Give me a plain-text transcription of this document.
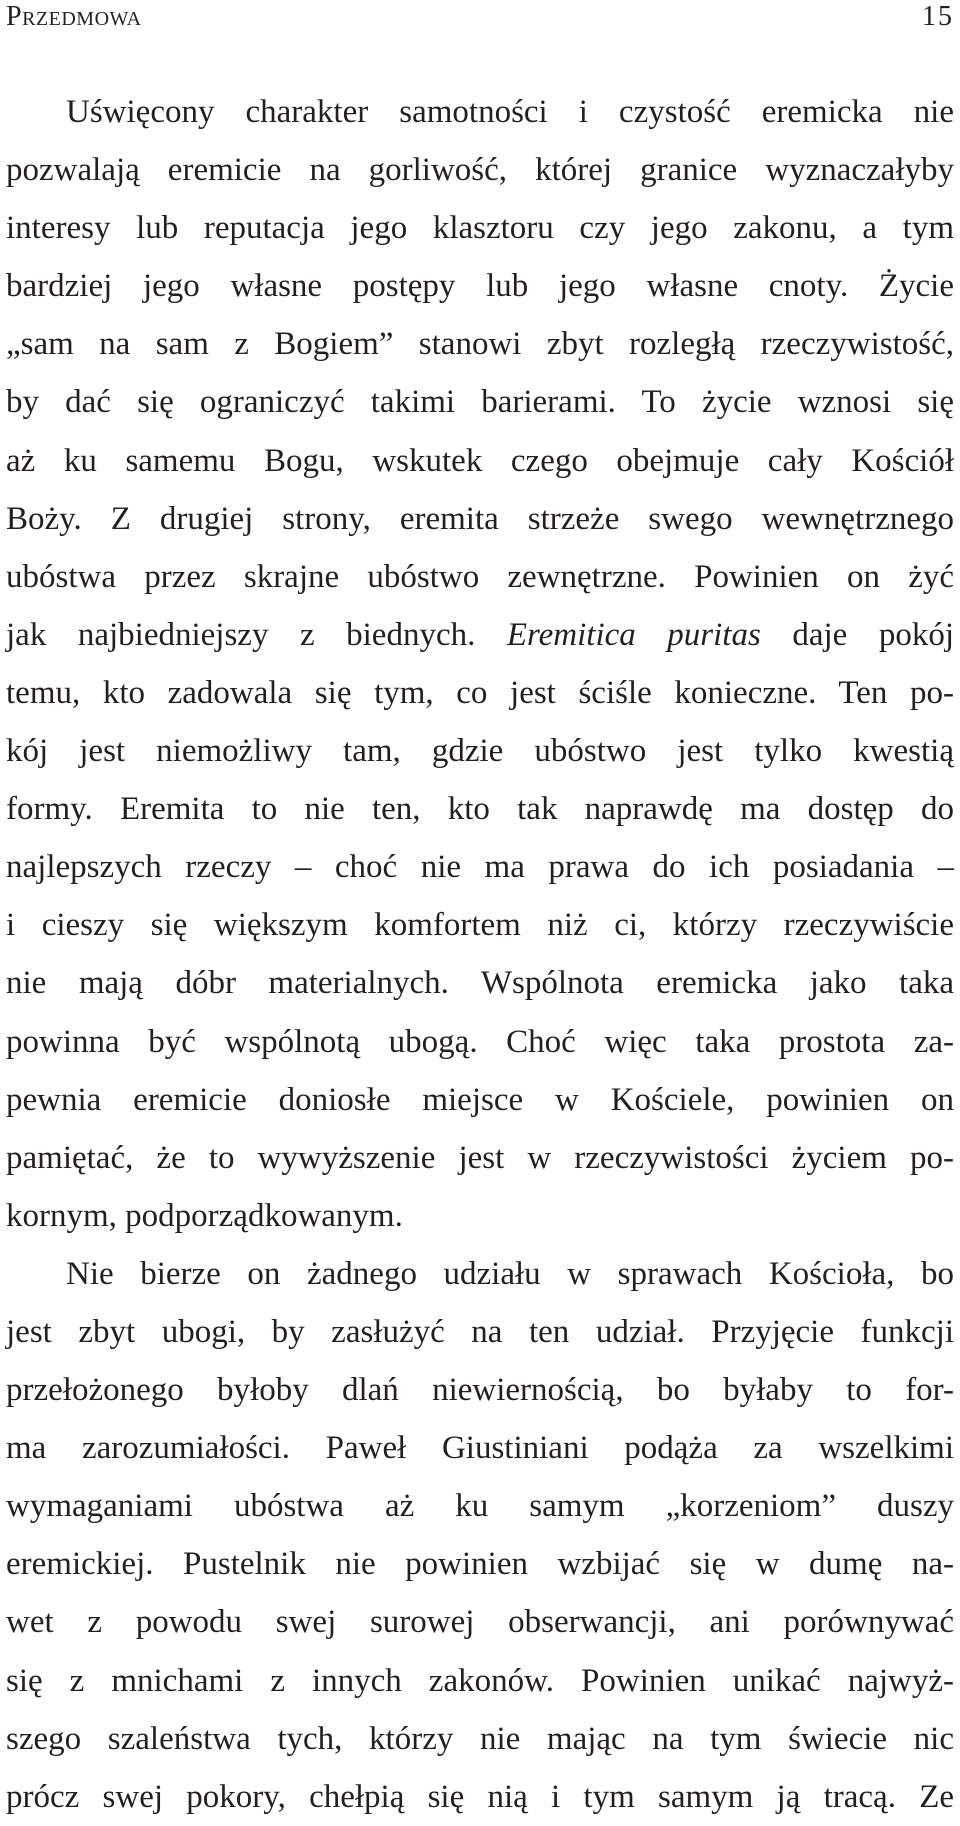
Przedmowa	15
Uświęcony charakter samotności i czystość eremicka nie
pozwalają eremicie na gorliwość, której granice wyznaczałyby
interesy lub reputacja jego klasztoru czy jego zakonu, a tym
bardziej jego własne postępy lub jego własne cnoty. Życie
„sam na sam z Bogiem” stanowi zbyt rozległą rzeczywistość,
by dać się ograniczyć takimi barierami. To życie wznosi się
aż ku samemu Bogu, wskutek czego obejmuje cały Kościół
Boży. Z drugiej strony, eremita strzeże swego wewnętrznego
ubóstwa przez skrajne ubóstwo zewnętrzne. Powinien on żyć
jak najbiedniejszy z biednych. Eremitica puritas daje pokój
temu, kto zadowala się tym, co jest ściśle konieczne. Ten po-
kój jest niemożliwy tam, gdzie ubóstwo jest tylko kwestią
formy. Eremita to nie ten, kto tak naprawdę ma dostęp do
najlepszych rzeczy – choć nie ma prawa do ich posiadania –
i cieszy się większym komfortem niż ci, którzy rzeczywiście
nie mają dóbr materialnych. Wspólnota eremicka jako taka
powinna być wspólnotą ubogą. Choć więc taka prostota za-
pewnia eremicie doniosłe miejsce w Kościele, powinien on
pamiętać, że to wywyższenie jest w rzeczywistości życiem po-
kornym, podporządkowanym.
Nie bierze on żadnego udziału w sprawach Kościoła, bo
jest zbyt ubogi, by zasłużyć na ten udział. Przyjęcie funkcji
przełożonego byłoby dlań niewiernością, bo byłaby to for-
ma zarozumiałości. Paweł Giustiniani podąża za wszelkimi
wymaganiami ubóstwa aż ku samym „korzeniom” duszy
eremickiej. Pustelnik nie powinien wzbijać się w dumę na-
wet z powodu swej surowej obserwancji, ani porównywać
się z mnichami z innych zakonów. Powinien unikać najwyż-
szego szaleństwa tych, którzy nie mając na tym świecie nic
prócz swej pokory, chełpią się nią i tym samym ją tracą. Ze
